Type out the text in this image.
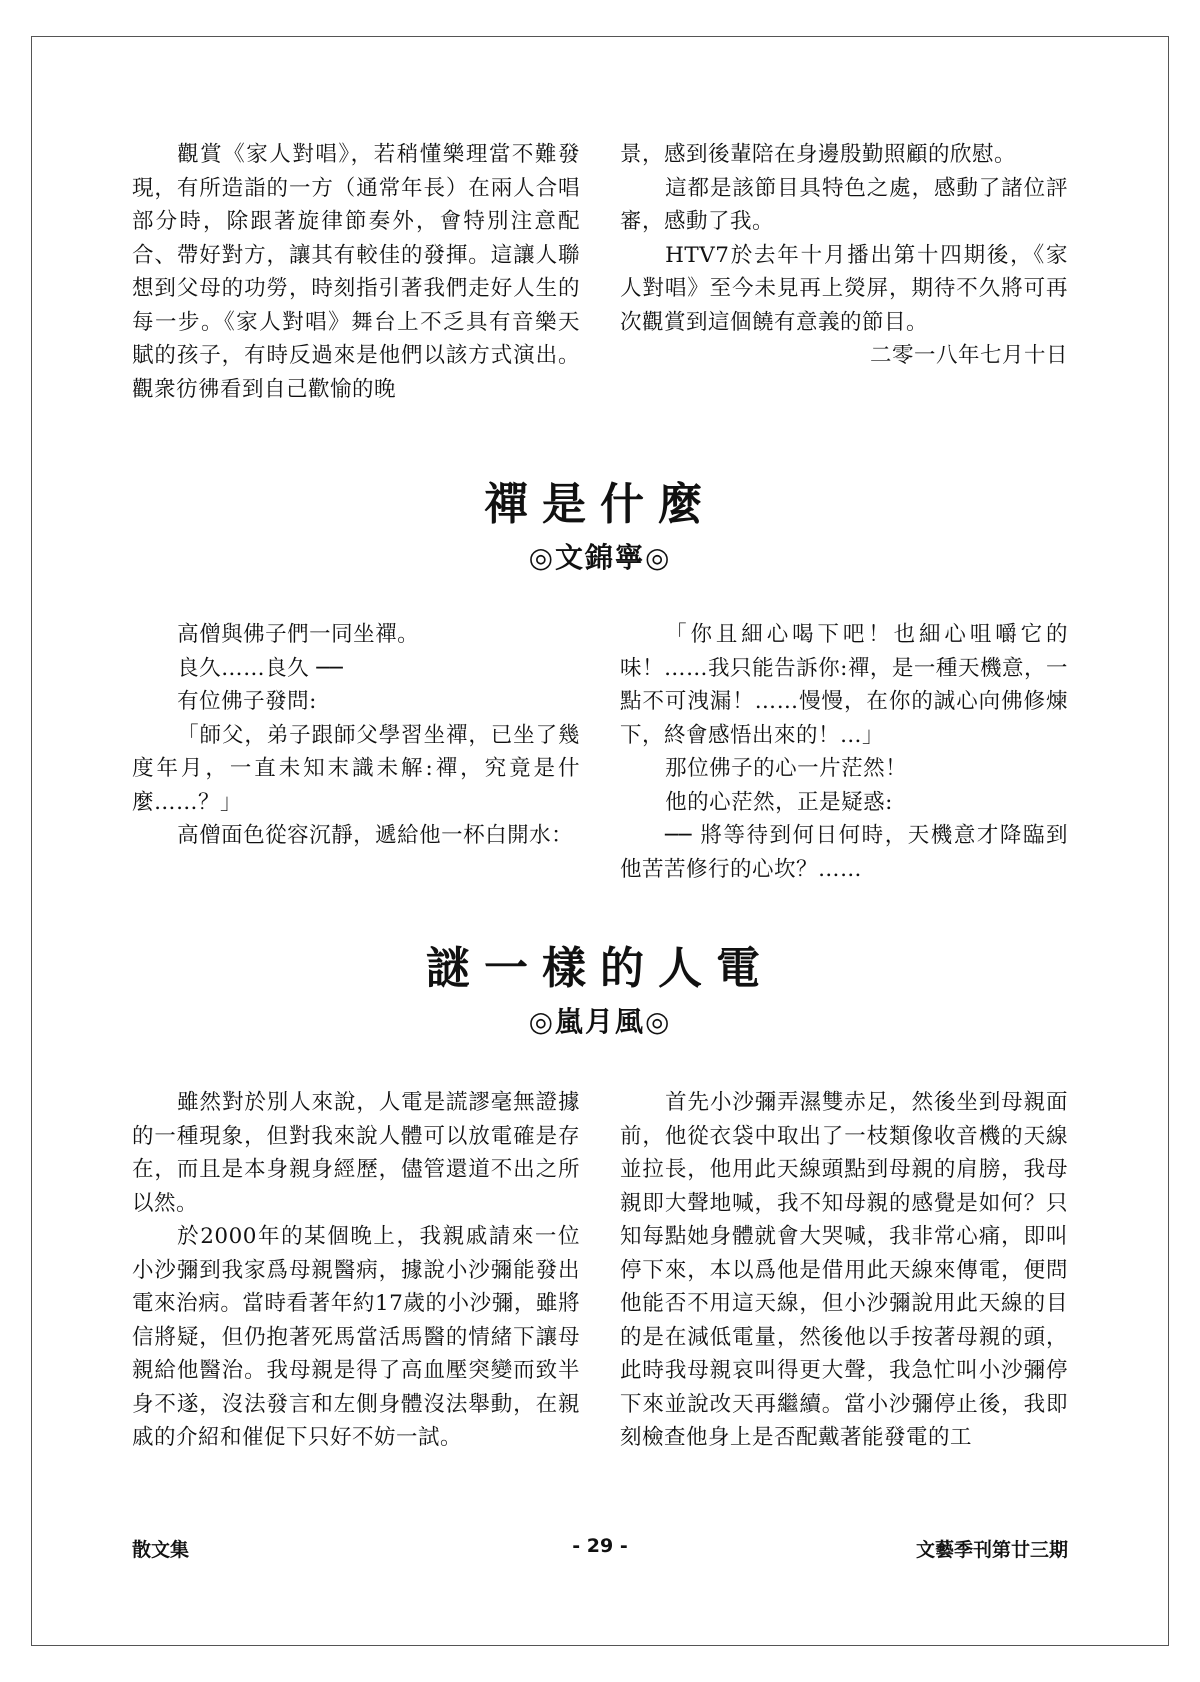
觀賞《家人對唱》，若稍懂樂理當不難發現，有所造詣的一方（通常年長）在兩人合唱部分時，除跟著旋律節奏外，會特別注意配合、帶好對方，讓其有較佳的發揮。這讓人聯想到父母的功勞，時刻指引著我們走好人生的每一步。《家人對唱》舞台上不乏具有音樂天賦的孩子，有時反過來是他們以該方式演出。觀衆彷彿看到自己歡愉的晚

景，感到後輩陪在身邊殷勤照顧的欣慰。

這都是該節目具特色之處，感動了諸位評審，感動了我。

HTV7於去年十月播出第十四期後，《家人對唱》至今未見再上熒屏，期待不久將可再次觀賞到這個饒有意義的節目。

二零一八年七月十日

禪是什麼
◎文錦寧◎

高僧與佛子們一同坐禪。

良久……良久 ──

有位佛子發問:

「師父，弟子跟師父學習坐禪，已坐了幾度年月，一直未知末識未解:禪，究竟是什麼……？」

高僧面色從容沉靜，遞給他一杯白開水：

「你且細心喝下吧！也細心咀嚼它的味！……我只能告訴你:禪，是一種天機意，一點不可洩漏！……慢慢，在你的誠心向佛修煉下，終會感悟出來的！…」

那位佛子的心一片茫然！

他的心茫然，正是疑惑:

── 將等待到何日何時，天機意才降臨到他苦苦修行的心坎？……

謎一樣的人電
◎嵐月風◎

雖然對於別人來說，人電是謊謬毫無證據的一種現象，但對我來說人體可以放電確是存在，而且是本身親身經歷，儘管還道不出之所以然。

於2000年的某個晚上，我親戚請來一位小沙彌到我家爲母親醫病，據說小沙彌能發出電來治病。當時看著年約17歲的小沙彌，雖將信將疑，但仍抱著死馬當活馬醫的情緒下讓母親給他醫治。我母親是得了高血壓突變而致半身不遂，沒法發言和左側身體沒法舉動，在親戚的介紹和催促下只好不妨一試。

首先小沙彌弄濕雙赤足，然後坐到母親面前，他從衣袋中取出了一枝類像收音機的天線並拉長，他用此天線頭點到母親的肩膀，我母親即大聲地喊，我不知母親的感覺是如何？只知每點她身體就會大哭喊，我非常心痛，即叫停下來，本以爲他是借用此天線來傳電，便問他能否不用這天線，但小沙彌說用此天線的目的是在減低電量，然後他以手按著母親的頭，此時我母親哀叫得更大聲，我急忙叫小沙彌停下來並說改天再繼續。當小沙彌停止後，我即刻檢查他身上是否配戴著能發電的工

散文集	- 29 -	文藝季刊第廿三期
